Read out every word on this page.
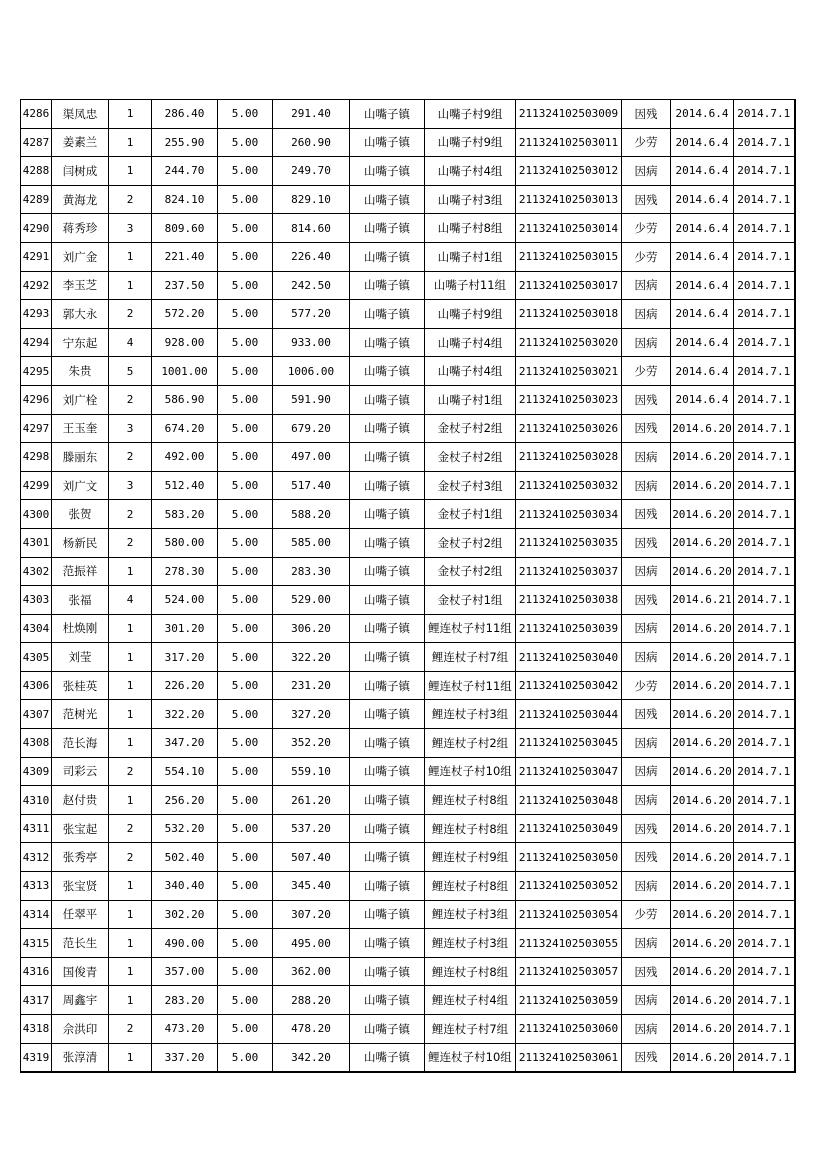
4286	渠凤忠	1	286.40	5.00	291.40	山嘴子镇	山嘴子村9组	211324102503009	因残	2014.6.4	2014.7.1
4287	姜素兰	1	255.90	5.00	260.90	山嘴子镇	山嘴子村9组	211324102503011	少劳	2014.6.4	2014.7.1
4288	闫树成	1	244.70	5.00	249.70	山嘴子镇	山嘴子村4组	211324102503012	因病	2014.6.4	2014.7.1
4289	黄海龙	2	824.10	5.00	829.10	山嘴子镇	山嘴子村3组	211324102503013	因残	2014.6.4	2014.7.1
4290	蒋秀珍	3	809.60	5.00	814.60	山嘴子镇	山嘴子村8组	211324102503014	少劳	2014.6.4	2014.7.1
4291	刘广金	1	221.40	5.00	226.40	山嘴子镇	山嘴子村1组	211324102503015	少劳	2014.6.4	2014.7.1
4292	李玉芝	1	237.50	5.00	242.50	山嘴子镇	山嘴子村11组	211324102503017	因病	2014.6.4	2014.7.1
4293	郭大永	2	572.20	5.00	577.20	山嘴子镇	山嘴子村9组	211324102503018	因病	2014.6.4	2014.7.1
4294	宁东起	4	928.00	5.00	933.00	山嘴子镇	山嘴子村4组	211324102503020	因病	2014.6.4	2014.7.1
4295	朱贵	5	1001.00	5.00	1006.00	山嘴子镇	山嘴子村4组	211324102503021	少劳	2014.6.4	2014.7.1
4296	刘广栓	2	586.90	5.00	591.90	山嘴子镇	山嘴子村1组	211324102503023	因残	2014.6.4	2014.7.1
4297	王玉奎	3	674.20	5.00	679.20	山嘴子镇	金杖子村2组	211324102503026	因残	2014.6.20	2014.7.1
4298	滕丽东	2	492.00	5.00	497.00	山嘴子镇	金杖子村2组	211324102503028	因病	2014.6.20	2014.7.1
4299	刘广文	3	512.40	5.00	517.40	山嘴子镇	金杖子村3组	211324102503032	因病	2014.6.20	2014.7.1
4300	张贺	2	583.20	5.00	588.20	山嘴子镇	金杖子村1组	211324102503034	因残	2014.6.20	2014.7.1
4301	杨新民	2	580.00	5.00	585.00	山嘴子镇	金杖子村2组	211324102503035	因残	2014.6.20	2014.7.1
4302	范振祥	1	278.30	5.00	283.30	山嘴子镇	金杖子村2组	211324102503037	因病	2014.6.20	2014.7.1
4303	张福	4	524.00	5.00	529.00	山嘴子镇	金杖子村1组	211324102503038	因残	2014.6.21	2014.7.1
4304	杜焕刚	1	301.20	5.00	306.20	山嘴子镇	鲤连杖子村11组	211324102503039	因病	2014.6.20	2014.7.1
4305	刘莹	1	317.20	5.00	322.20	山嘴子镇	鲤连杖子村7组	211324102503040	因病	2014.6.20	2014.7.1
4306	张桂英	1	226.20	5.00	231.20	山嘴子镇	鲤连杖子村11组	211324102503042	少劳	2014.6.20	2014.7.1
4307	范树光	1	322.20	5.00	327.20	山嘴子镇	鲤连杖子村3组	211324102503044	因残	2014.6.20	2014.7.1
4308	范长海	1	347.20	5.00	352.20	山嘴子镇	鲤连杖子村2组	211324102503045	因病	2014.6.20	2014.7.1
4309	司彩云	2	554.10	5.00	559.10	山嘴子镇	鲤连杖子村10组	211324102503047	因病	2014.6.20	2014.7.1
4310	赵付贵	1	256.20	5.00	261.20	山嘴子镇	鲤连杖子村8组	211324102503048	因病	2014.6.20	2014.7.1
4311	张宝起	2	532.20	5.00	537.20	山嘴子镇	鲤连杖子村8组	211324102503049	因残	2014.6.20	2014.7.1
4312	张秀亭	2	502.40	5.00	507.40	山嘴子镇	鲤连杖子村9组	211324102503050	因残	2014.6.20	2014.7.1
4313	张宝贤	1	340.40	5.00	345.40	山嘴子镇	鲤连杖子村8组	211324102503052	因病	2014.6.20	2014.7.1
4314	任翠平	1	302.20	5.00	307.20	山嘴子镇	鲤连杖子村3组	211324102503054	少劳	2014.6.20	2014.7.1
4315	范长生	1	490.00	5.00	495.00	山嘴子镇	鲤连杖子村3组	211324102503055	因病	2014.6.20	2014.7.1
4316	国俊青	1	357.00	5.00	362.00	山嘴子镇	鲤连杖子村8组	211324102503057	因残	2014.6.20	2014.7.1
4317	周鑫宇	1	283.20	5.00	288.20	山嘴子镇	鲤连杖子村4组	211324102503059	因病	2014.6.20	2014.7.1
4318	佘洪印	2	473.20	5.00	478.20	山嘴子镇	鲤连杖子村7组	211324102503060	因病	2014.6.20	2014.7.1
4319	张淳清	1	337.20	5.00	342.20	山嘴子镇	鲤连杖子村10组	211324102503061	因残	2014.6.20	2014.7.1
